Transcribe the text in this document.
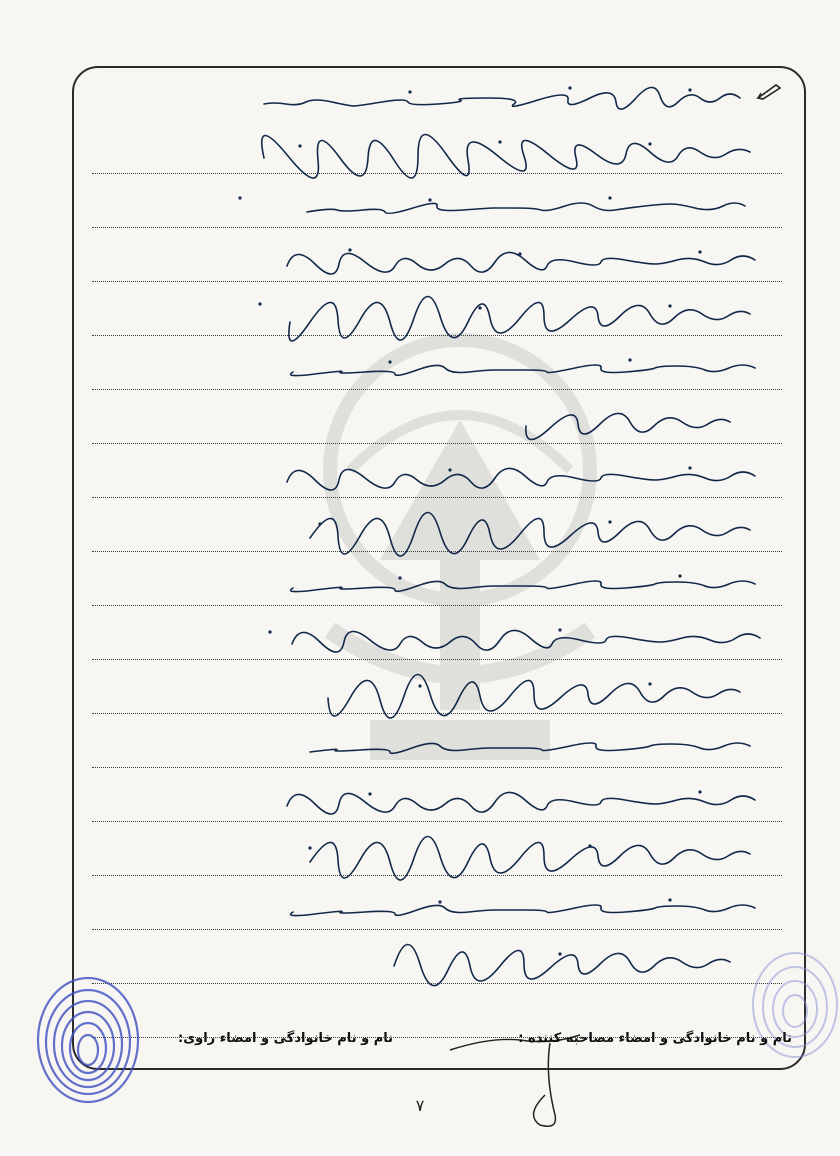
نام و نام خانوادگی و امضاء مصاحبه کننده :
نام و نام خانوادگی و امضاء راوی:
۷
